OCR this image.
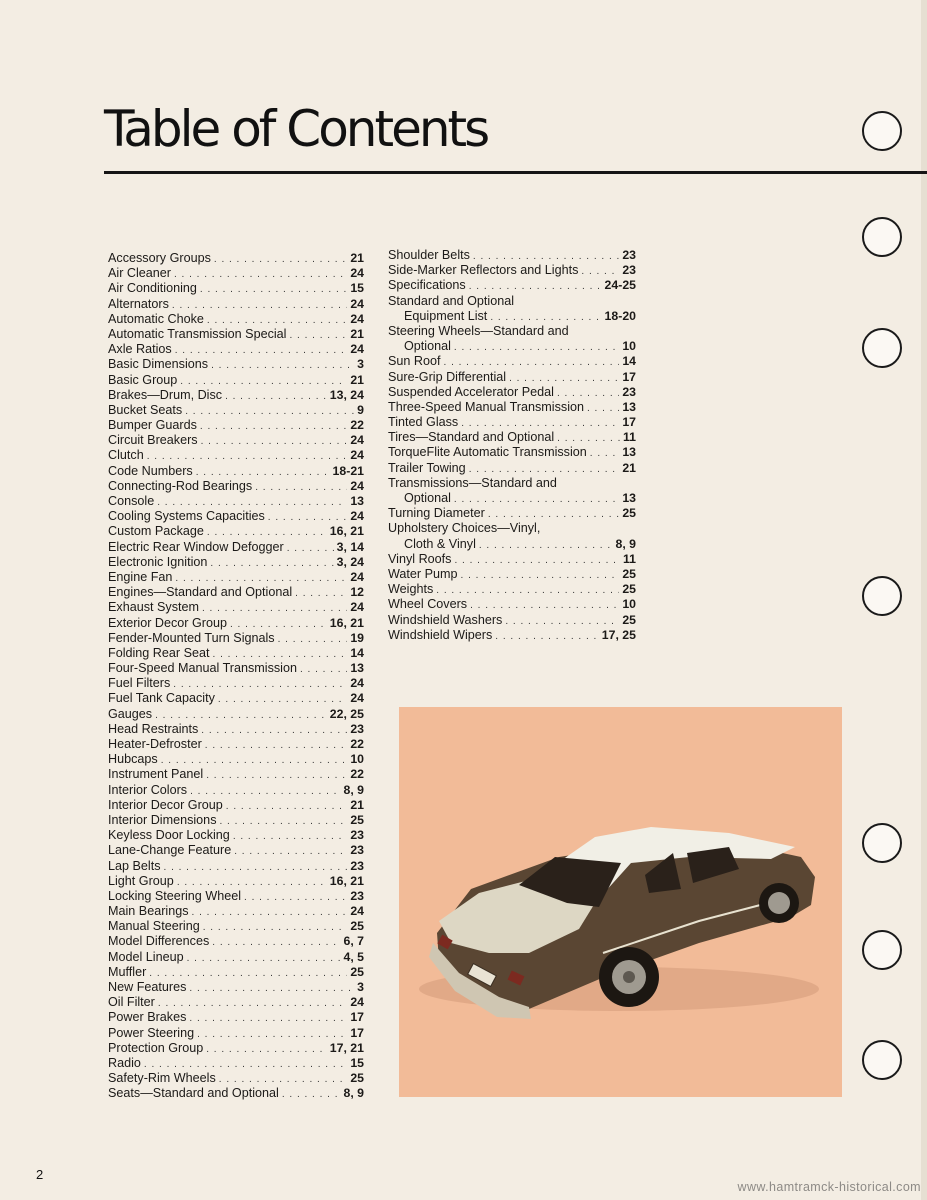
Table of Contents
Accessory Groups . . .	21
Air Cleaner . . .	24
Air Conditioning . . .	15
Alternators . . .	24
Automatic Choke . . .	24
Automatic Transmission Special . . .	21
Axle Ratios . . .	24
Basic Dimensions . . .	3
Basic Group . . .	21
Brakes—Drum, Disc . . .	13, 24
Bucket Seats . . .	9
Bumper Guards . . .	22
Circuit Breakers . . .	24
Clutch . . .	24
Code Numbers . . .	18-21
Connecting-Rod Bearings . . .	24
Console . . .	13
Cooling Systems Capacities . . .	24
Custom Package . . .	16, 21
Electric Rear Window Defogger . . .	3, 14
Electronic Ignition . . .	3, 24
Engine Fan . . .	24
Engines—Standard and Optional . . .	12
Exhaust System . . .	24
Exterior Decor Group . . .	16, 21
Fender-Mounted Turn Signals . . .	19
Folding Rear Seat . . .	14
Four-Speed Manual Transmission . . .	13
Fuel Filters . . .	24
Fuel Tank Capacity . . .	24
Gauges . . .	22, 25
Head Restraints . . .	23
Heater-Defroster . . .	22
Hubcaps . . .	10
Instrument Panel . . .	22
Interior Colors . . .	8, 9
Interior Decor Group . . .	21
Interior Dimensions . . .	25
Keyless Door Locking . . .	23
Lane-Change Feature . . .	23
Lap Belts . . .	23
Light Group . . .	16, 21
Locking Steering Wheel . . .	23
Main Bearings . . .	24
Manual Steering . . .	25
Model Differences . . .	6, 7
Model Lineup . . .	4, 5
Muffler . . .	25
New Features . . .	3
Oil Filter . . .	24
Power Brakes . . .	17
Power Steering . . .	17
Protection Group . . .	17, 21
Radio . . .	15
Safety-Rim Wheels . . .	25
Seats—Standard and Optional . . .	8, 9
Shoulder Belts . . .	23
Side-Marker Reflectors and Lights . . .	23
Specifications . . .	24-25
Standard and Optional
Equipment List . . .	18-20
Steering Wheels—Standard and
Optional . . .	10
Sun Roof . . .	14
Sure-Grip Differential . . .	17
Suspended Accelerator Pedal . . .	23
Three-Speed Manual Transmission . . .	13
Tinted Glass . . .	17
Tires—Standard and Optional . . .	11
TorqueFlite Automatic Transmission . . .	13
Trailer Towing . . .	21
Transmissions—Standard and
Optional . . .	13
Turning Diameter . . .	25
Upholstery Choices—Vinyl,
Cloth & Vinyl . . .	8, 9
Vinyl Roofs . . .	11
Water Pump . . .	25
Weights . . .	25
Wheel Covers . . .	10
Windshield Washers . . .	25
Windshield Wipers . . .	17, 25
2
www.hamtramck-historical.com
